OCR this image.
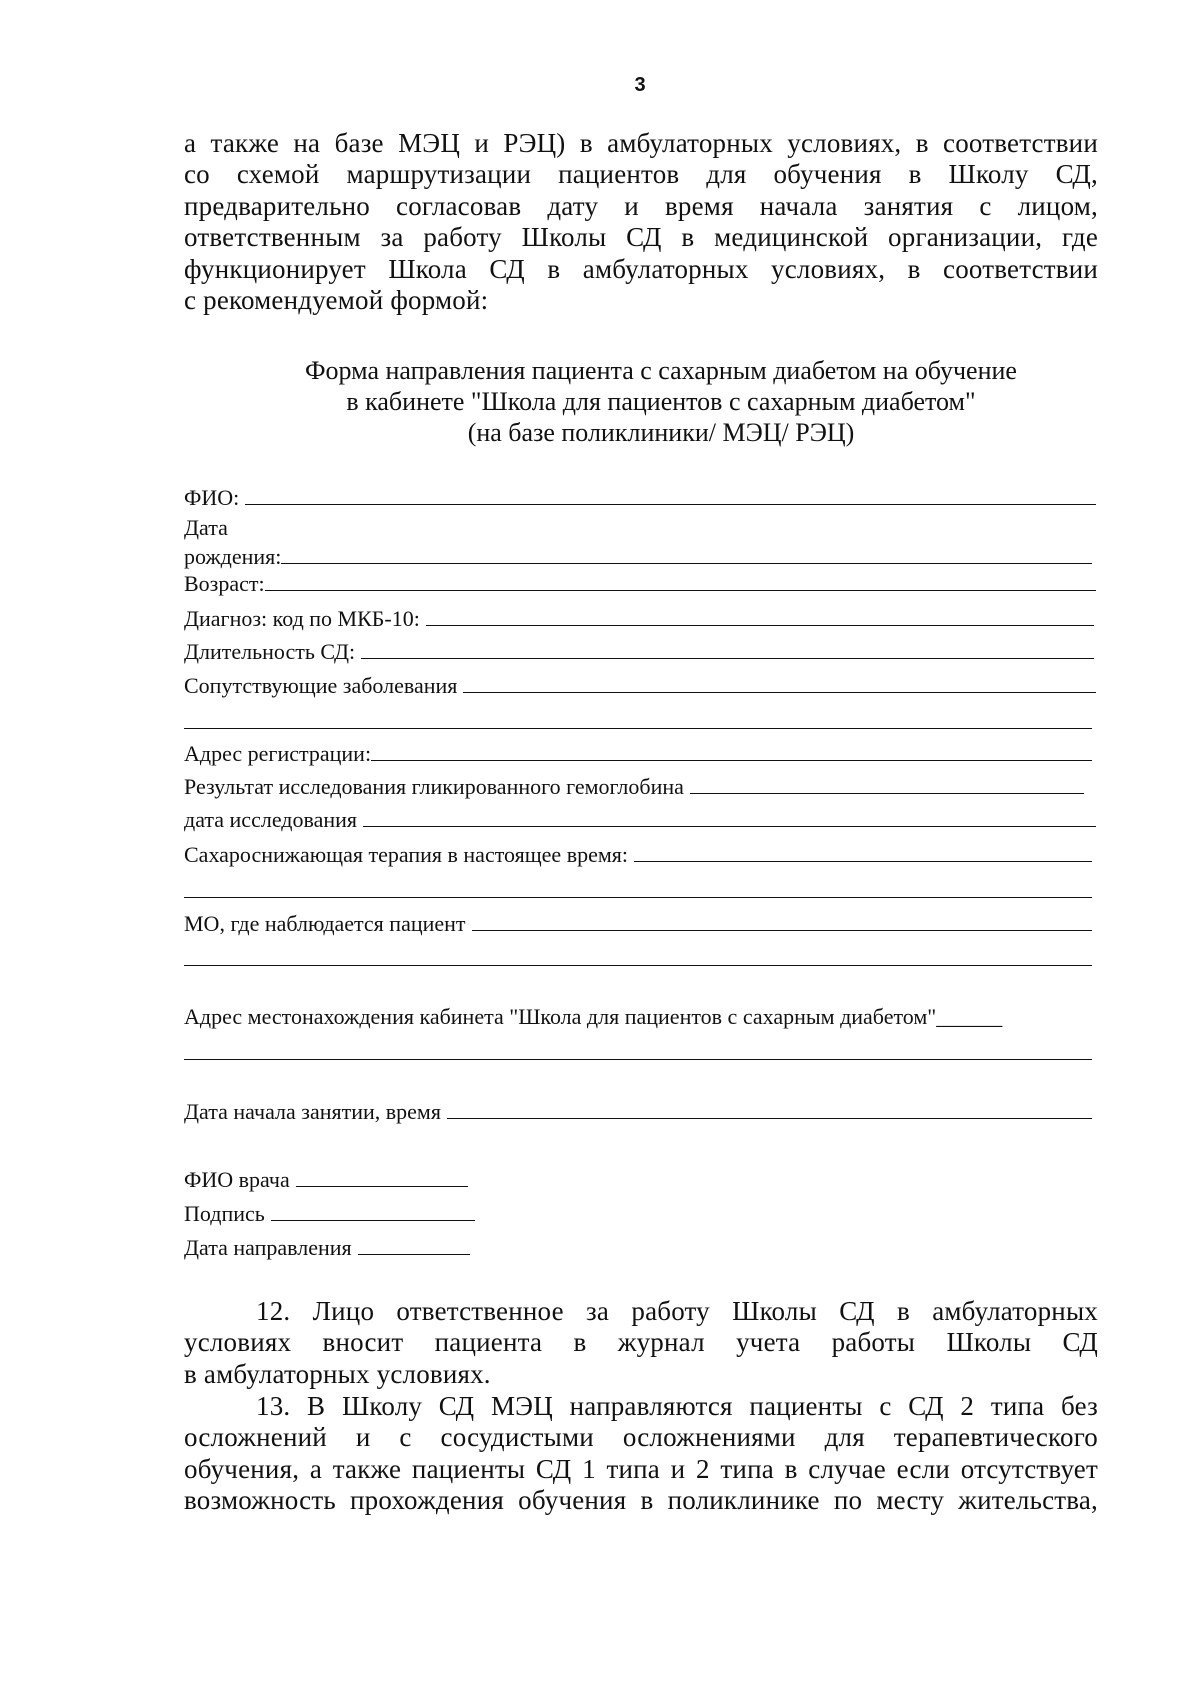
3
а также на базе МЭЦ и РЭЦ) в амбулаторных условиях, в соответствии
со схемой маршрутизации пациентов для обучения в Школу СД,
предварительно согласовав дату и время начала занятия с лицом,
ответственным за работу Школы СД в медицинской организации, где
функционирует Школа СД в амбулаторных условиях, в соответствии
с рекомендуемой формой:
Форма направления пациента с сахарным диабетом на обучение
в кабинете "Школа для пациентов с сахарным диабетом"
(на базе поликлиники/ МЭЦ/ РЭЦ)
ФИО:
Дата
рождения:
Возраст:
Диагноз: код по МКБ-10:
Длительность СД:
Сопутствующие заболевания
Адрес регистрации:
Результат исследования гликированного гемоглобина
дата исследования
Сахароснижающая терапия в настоящее время:
МО, где наблюдается пациент
Адрес местонахождения кабинета "Школа для пациентов с сахарным диабетом"______
Дата начала занятии, время
ФИО врача
Подпись
Дата направления
12. Лицо ответственное за работу Школы СД в амбулаторных
условиях вносит пациента в журнал учета работы Школы СД
в амбулаторных условиях.
13. В Школу СД МЭЦ направляются пациенты с СД 2 типа без
осложнений и с сосудистыми осложнениями для терапевтического
обучения, а также пациенты СД 1 типа и 2 типа в случае если отсутствует
возможность прохождения обучения в поликлинике по месту жительства,
